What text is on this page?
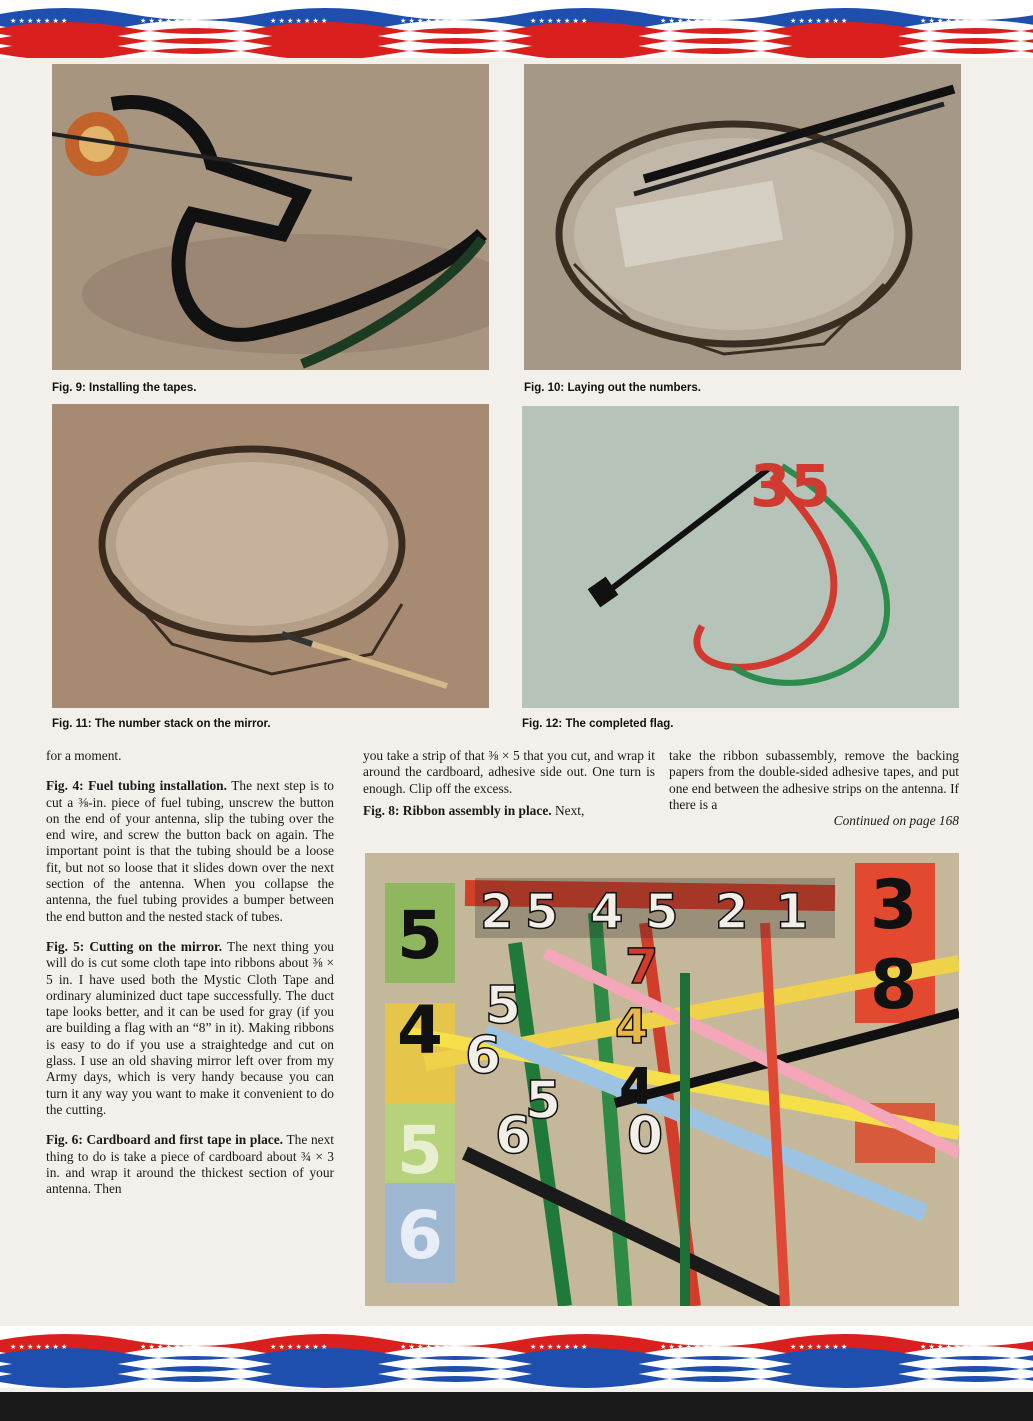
★ ★ ★ ★ ★ ★ ★	★ ★ ★ ★ ★ ★ ★	★ ★ ★ ★ ★ ★ ★	★ ★ ★ ★ ★ ★ ★	★ ★ ★ ★ ★ ★ ★	★ ★ ★ ★ ★ ★ ★	★ ★ ★ ★ ★ ★ ★	★ ★ ★ ★ ★ ★ ★
Fig. 9: Installing the tapes.	Fig. 10: Laying out the numbers.
Fig. 11: The number stack on the mirror.
35
Fig. 12: The completed flag.

for a moment.

Fig. 4: Fuel tubing installation. The next step is to cut a ⅜-in. piece of fuel tubing, unscrew the button on the end of your antenna, slip the tubing over the end wire, and screw the button back on again. The important point is that the tubing should be a loose fit, but not so loose that it slides down over the next section of the antenna. When you collapse the antenna, the fuel tubing provides a bumper between the end button and the nested stack of tubes.

Fig. 5: Cutting on the mirror. The next thing you will do is cut some cloth tape into ribbons about ⅜ × 5 in. I have used both the Mystic Cloth Tape and ordinary aluminized duct tape successfully. The duct tape looks better, and it can be used for gray (if you are building a flag with an “8” in it). Making ribbons is easy to do if you use a straightedge and cut on glass. I use an old shaving mirror left over from my Army days, which is very handy because you can turn it any way you want to make it convenient to do the cutting.

Fig. 6: Cardboard and first tape in place. The next thing to do is take a piece of cardboard about ¾ × 3 in. and wrap it around the thickest section of your antenna. Then

you take a strip of that ⅜ × 5 that you cut, and wrap it around the cardboard, adhesive side out. One turn is enough. Clip off the excess.

Fig. 8: Ribbon assembly in place. Next,

take the ribbon subassembly, remove the backing papers from the double-sided adhesive tapes, and put one end between the adhesive strips on the antenna. If there is a

Continued on page 168
5
4
5
6
3
8
2 5 4 5 2 1
5
6 4
6
5
7
4
0
★ ★ ★ ★ ★ ★ ★	★ ★ ★ ★ ★ ★ ★	★ ★ ★ ★ ★ ★ ★	★ ★ ★ ★ ★ ★ ★	★ ★ ★ ★ ★ ★ ★	★ ★ ★ ★ ★ ★ ★	★ ★ ★ ★ ★ ★ ★	★ ★ ★ ★ ★ ★ ★
